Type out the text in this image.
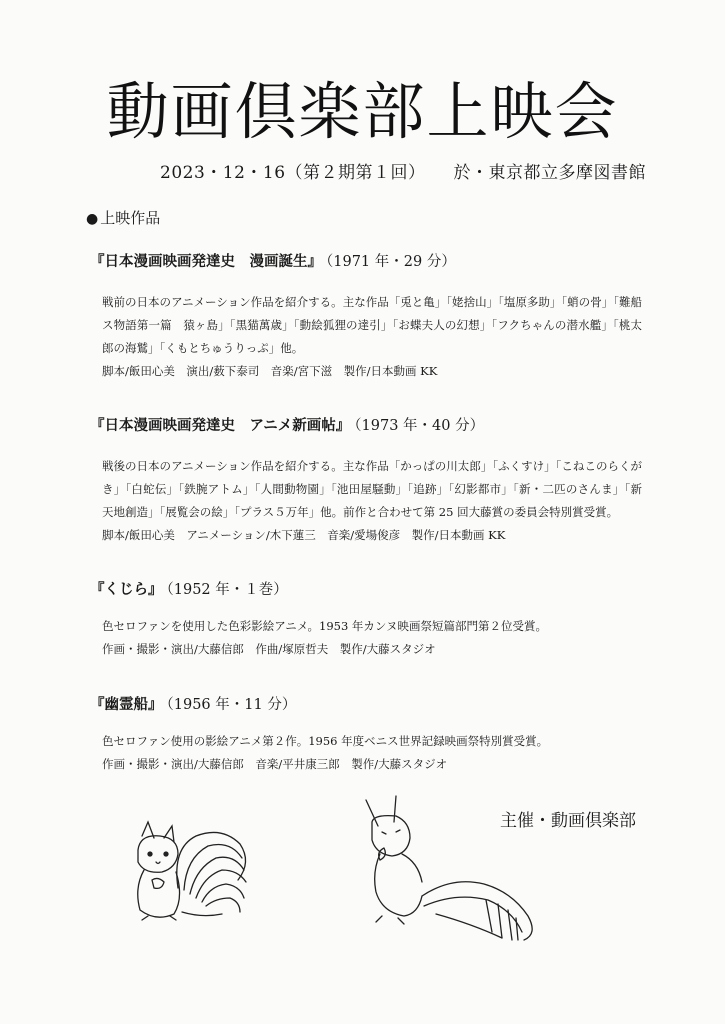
動画倶楽部上映会
2023・12・16（第２期第１回） 於・東京都立多摩図書館
● 上映作品
『日本漫画映画発達史　漫画誕生』 （1971 年・29 分）
戦前の日本のアニメーション作品を紹介する。主な作品「兎と亀」「姥捨山」「塩原多助」「蛸の骨」「難船ス物語第一篇　猿ヶ島」「黒猫萬歳」「動絵狐狸の達引」「お蝶夫人の幻想」「フクちゃんの潜水艦」「桃太郎の海鷲」「くもとちゅうりっぷ」他。
脚本/飯田心美　演出/薮下泰司　音楽/宮下滋　製作/日本動画 KK
『日本漫画映画発達史　アニメ新画帖』 （1973 年・40 分）
戦後の日本のアニメーション作品を紹介する。主な作品「かっぱの川太郎」「ふくすけ」「こねこのらくがき」「白蛇伝」「鉄腕アトム」「人間動物園」「池田屋騒動」「追跡」「幻影都市」「新・二匹のさんま」「新天地創造」「展覧会の絵」「プラス５万年」他。前作と合わせて第 25 回大藤賞の委員会特別賞受賞。
脚本/飯田心美　アニメーション/木下蓮三　音楽/愛場俊彦　製作/日本動画 KK
『くじら』 （1952 年・１巻）
色セロファンを使用した色彩影絵アニメ。1953 年カンヌ映画祭短篇部門第２位受賞。
作画・撮影・演出/大藤信郎　作曲/塚原哲夫　製作/大藤スタジオ
『幽霊船』 （1956 年・11 分）
色セロファン使用の影絵アニメ第２作。1956 年度ベニス世界記録映画祭特別賞受賞。
作画・撮影・演出/大藤信郎　音楽/平井康三郎　製作/大藤スタジオ
主催・動画倶楽部
